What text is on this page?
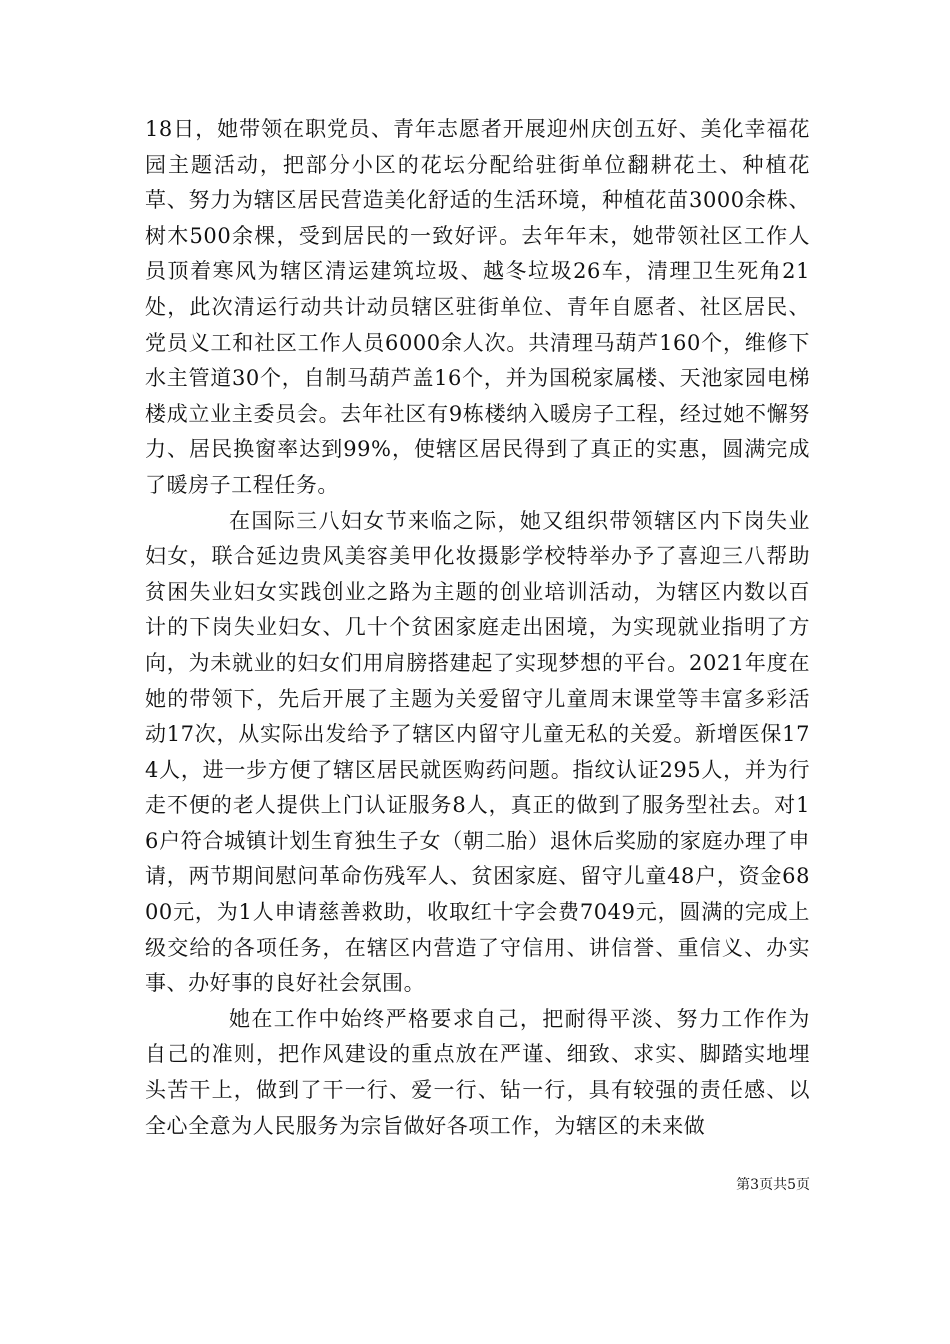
18日，她带领在职党员、青年志愿者开展迎州庆创五好、美化幸福花园主题活动，把部分小区的花坛分配给驻街单位翻耕花土、种植花草、努力为辖区居民营造美化舒适的生活环境，种植花苗3000余株、树木500余棵，受到居民的一致好评。去年年末，她带领社区工作人员顶着寒风为辖区清运建筑垃圾、越冬垃圾26车，清理卫生死角21处，此次清运行动共计动员辖区驻街单位、青年自愿者、社区居民、党员义工和社区工作人员6000余人次。共清理马葫芦160个，维修下水主管道30个，自制马葫芦盖16个，并为国税家属楼、天池家园电梯楼成立业主委员会。去年社区有9栋楼纳入暖房子工程，经过她不懈努力、居民换窗率达到99%，使辖区居民得到了真正的实惠，圆满完成了暖房子工程任务。

在国际三八妇女节来临之际，她又组织带领辖区内下岗失业妇女，联合延边贵风美容美甲化妆摄影学校特举办予了喜迎三八帮助贫困失业妇女实践创业之路为主题的创业培训活动，为辖区内数以百计的下岗失业妇女、几十个贫困家庭走出困境，为实现就业指明了方向，为未就业的妇女们用肩膀搭建起了实现梦想的平台。2021年度在她的带领下，先后开展了主题为关爱留守儿童周末课堂等丰富多彩活动17次，从实际出发给予了辖区内留守儿童无私的关爱。新增医保174人，进一步方便了辖区居民就医购药问题。指纹认证295人，并为行走不便的老人提供上门认证服务8人，真正的做到了服务型社去。对16户符合城镇计划生育独生子女（朝二胎）退休后奖励的家庭办理了申请，两节期间慰问革命伤残军人、贫困家庭、留守儿童48户，资金6800元，为1人申请慈善救助，收取红十字会费7049元，圆满的完成上级交给的各项任务，在辖区内营造了守信用、讲信誉、重信义、办实事、办好事的良好社会氛围。

她在工作中始终严格要求自己，把耐得平淡、努力工作作为自己的准则，把作风建设的重点放在严谨、细致、求实、脚踏实地埋头苦干上，做到了干一行、爱一行、钻一行，具有较强的责任感、以全心全意为人民服务为宗旨做好各项工作，为辖区的未来做

第3页共5页
